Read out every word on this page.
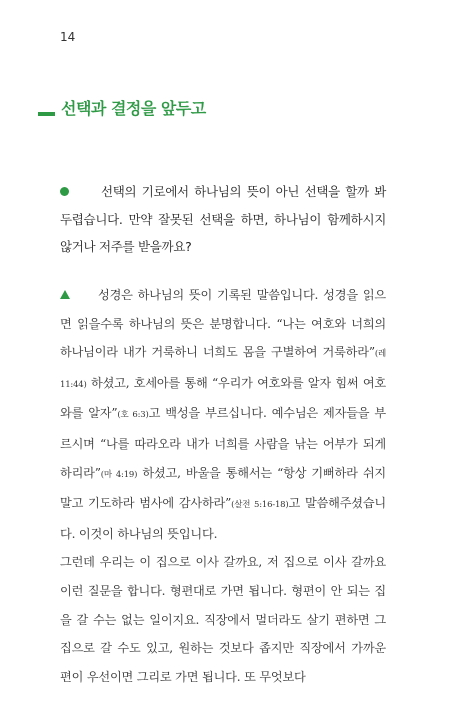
14
선택과 결정을 앞두고
선택의 기로에서 하나님의 뜻이 아닌 선택을 할까 봐 두렵습니다. 만약 잘못된 선택을 하면, 하나님이 함께하시지 않거나 저주를 받을까요?

성경은 하나님의 뜻이 기록된 말씀입니다. 성경을 읽으면 읽을수록 하나님의 뜻은 분명합니다. “나는 여호와 너희의 하나님이라 내가 거룩하니 너희도 몸을 구별하여 거룩하라”(레 11:44) 하셨고, 호세아를 통해 “우리가 여호와를 알자 힘써 여호와를 알자”(호 6:3)고 백성을 부르십니다. 예수님은 제자들을 부르시며 “나를 따라오라 내가 너희를 사람을 낚는 어부가 되게 하리라”(마 4:19) 하셨고, 바울을 통해서는 “항상 기뻐하라 쉬지 말고 기도하라 범사에 감사하라”(살전 5:16-18)고 말씀해주셨습니다. 이것이 하나님의 뜻입니다.

그런데 우리는 이 집으로 이사 갈까요, 저 집으로 이사 갈까요 이런 질문을 합니다. 형편대로 가면 됩니다. 형편이 안 되는 집을 갈 수는 없는 일이지요. 직장에서 멀더라도 살기 편하면 그 집으로 갈 수도 있고, 원하는 것보다 좁지만 직장에서 가까운 편이 우선이면 그리로 가면 됩니다. 또 무엇보다
